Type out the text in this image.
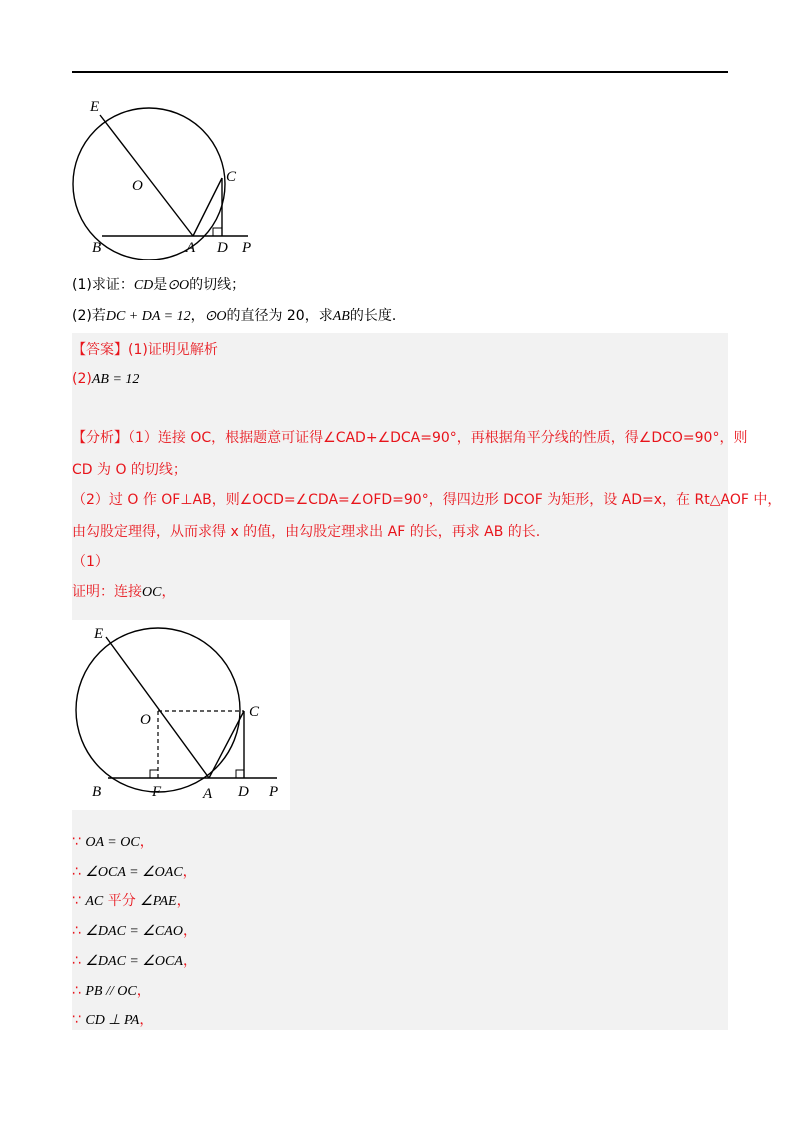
E
O
C
B	A D P
(1)求证：CD是⊙O的切线；
(2)若DC + DA = 12，⊙O的直径为 20，求AB的长度．
【答案】(1)证明见解析
(2)AB = 12
【分析】（1）连接 OC，根据题意可证得∠CAD+∠DCA=90°，再根据角平分线的性质，得∠DCO=90°，则
CD 为 O 的切线；
（2）过 O 作 OF⊥AB，则∠OCD=∠CDA=∠OFD=90°，得四边形 DCOF 为矩形，设 AD=x，在 Rt△AOF 中，
由勾股定理得，从而求得 x 的值，由勾股定理求出 AF 的长，再求 AB 的长.
（1）
证明：连接OC，
E
O	C
B	F	A D P
∵ OA = OC，
∴ ∠OCA = ∠OAC，
∵ AC 平分 ∠PAE，
∴ ∠DAC = ∠CAO，
∴ ∠DAC = ∠OCA，
∴ PB // OC，
∵ CD ⊥ PA，
